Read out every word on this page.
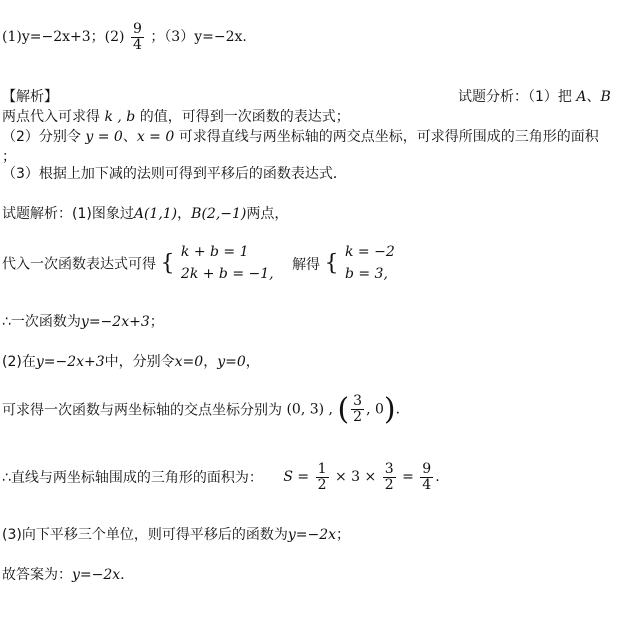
(1)y=−2x+3；$(2) \frac{9}{4}$ ；（3）y=−2x.
【解析】	试题分析：（1）把 A、B
两点代入可求得 k , b 的值，可得到一次函数的表达式；
（2）分别令 y = 0、x = 0 可求得直线与两坐标轴的两交点坐标，可求得所围成的三角形的面积
；
（3）根据上加下减的法则可得到平移后的函数表达式．
试题解析：(1)图象过A(1,1)，B(2,−1)两点，
代入一次函数表达式可得 { k + b = 1
2k + b = −1,
解得 { k = −2
b = 3,
∴一次函数为y=−2x+3；
(2)在y=−2x+3中，分别令x=0，y=0，
可求得一次函数与两坐标轴的交点坐标分别为 (0, 3) , ( $\frac{3}{2}$ , 0).
∴直线与两坐标轴围成的三角形的面积为： $S = \frac{1}{2} \times 3 \times \frac{3}{2} = \frac{9}{4}$ .
(3)向下平移三个单位，则可得平移后的函数为y=−2x；
故答案为：y=−2x.
